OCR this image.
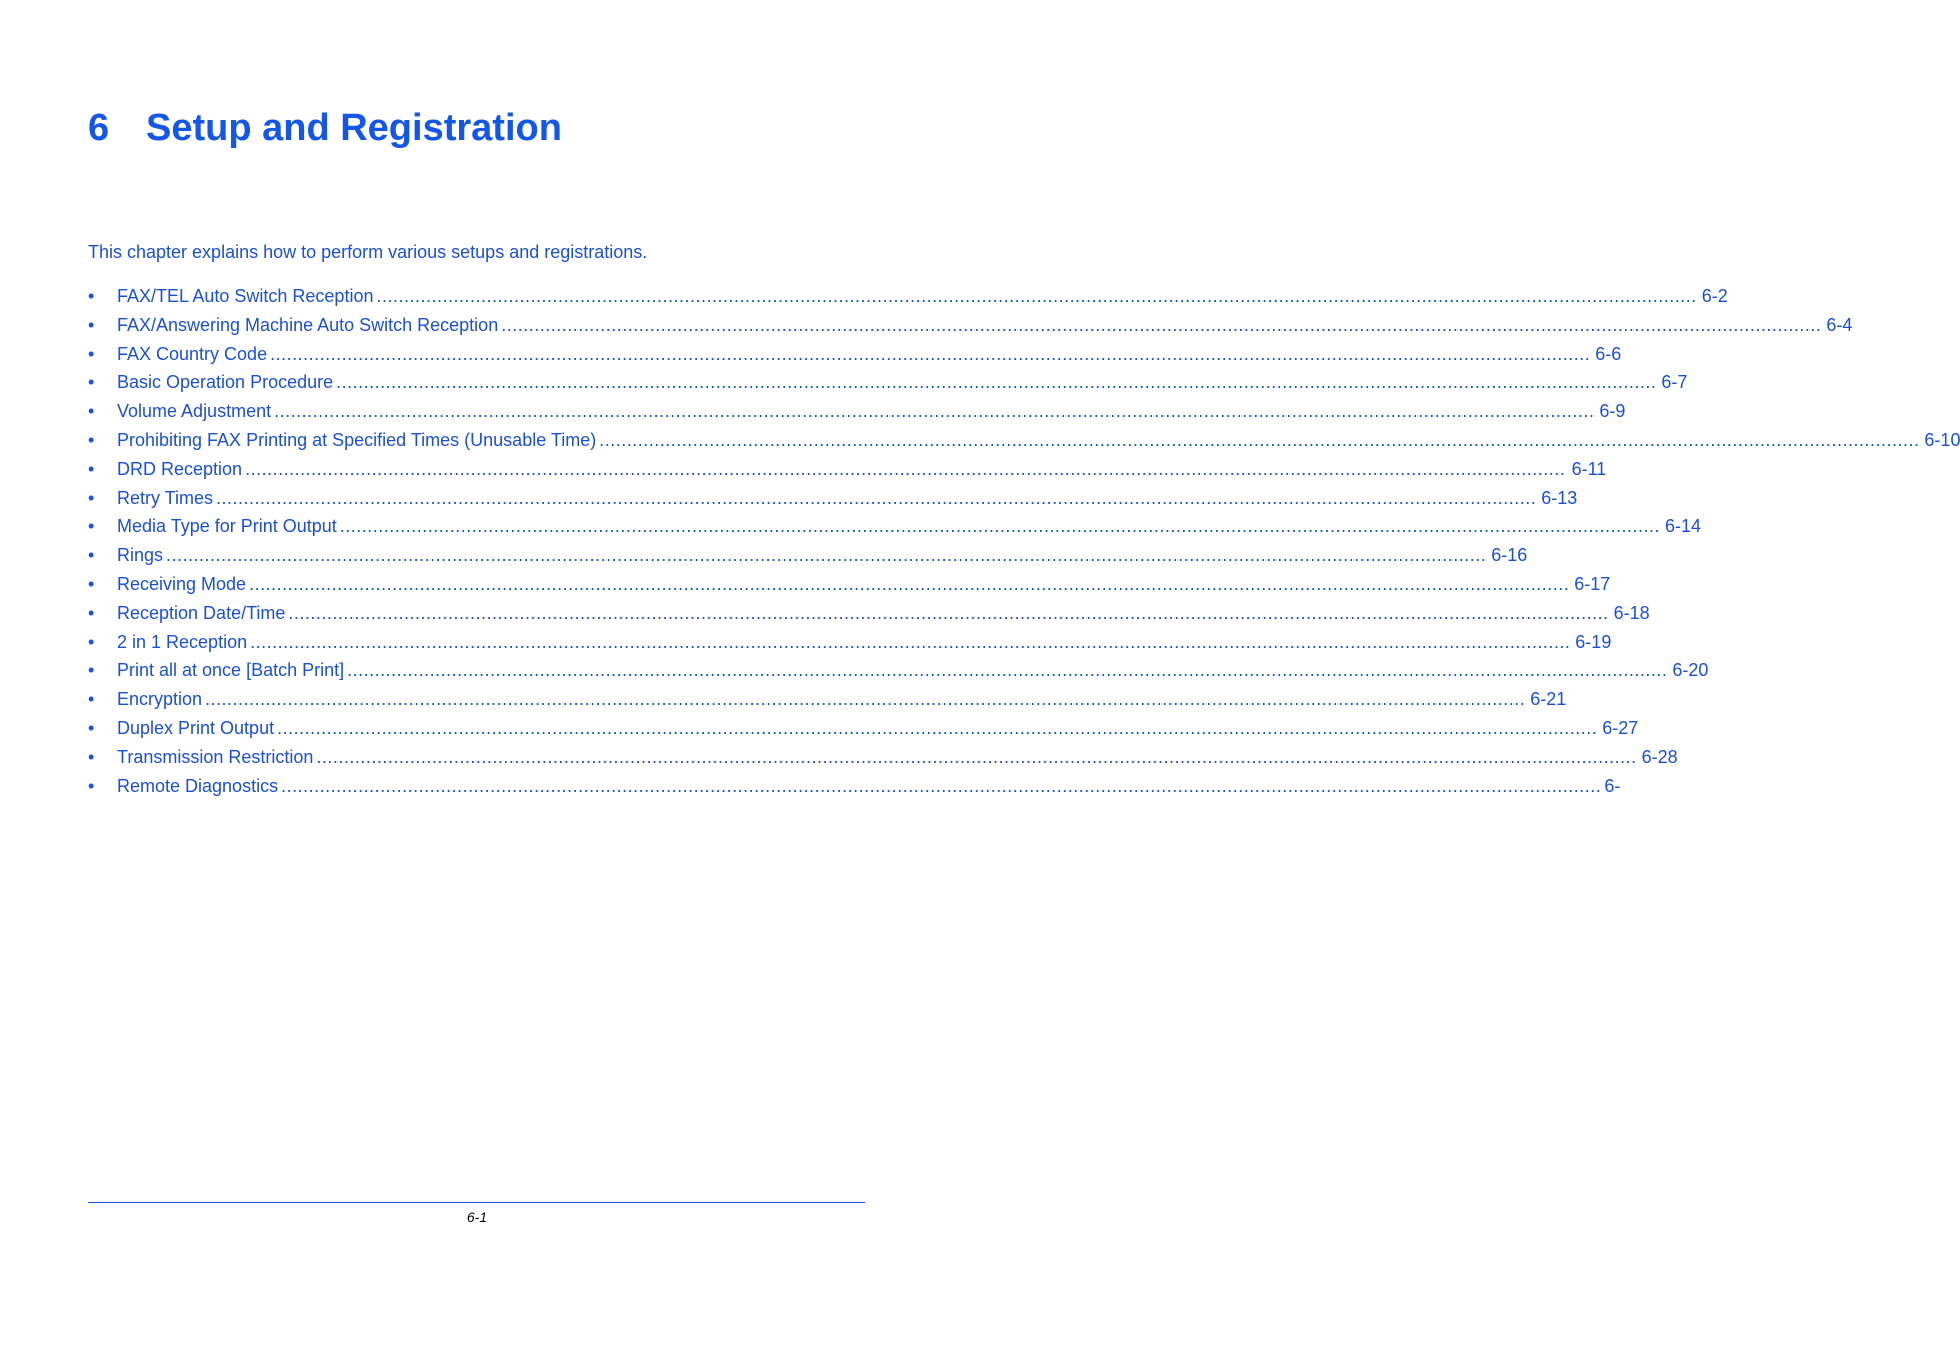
6 Setup and Registration

This chapter explains how to perform various setups and registrations.

•	FAX/TEL Auto Switch Reception ................................................................................................................................................................................................................................................ 6-2
•	FAX/Answering Machine Auto Switch Reception ................................................................................................................................................................................................................................................ 6-4
•	FAX Country Code ................................................................................................................................................................................................................................................ 6-6
•	Basic Operation Procedure ................................................................................................................................................................................................................................................ 6-7
•	Volume Adjustment ................................................................................................................................................................................................................................................ 6-9
•	Prohibiting FAX Printing at Specified Times (Unusable Time) ................................................................................................................................................................................................................................................ 6-10
•	DRD Reception ................................................................................................................................................................................................................................................ 6-11
•	Retry Times ................................................................................................................................................................................................................................................ 6-13
•	Media Type for Print Output ................................................................................................................................................................................................................................................ 6-14
•	Rings ................................................................................................................................................................................................................................................ 6-16
•	Receiving Mode ................................................................................................................................................................................................................................................ 6-17
•	Reception Date/Time ................................................................................................................................................................................................................................................ 6-18
•	2 in 1 Reception ................................................................................................................................................................................................................................................ 6-19
•	Print all at once [Batch Print] ................................................................................................................................................................................................................................................ 6-20
•	Encryption ................................................................................................................................................................................................................................................ 6-21
•	Duplex Print Output ................................................................................................................................................................................................................................................ 6-27
•	Transmission Restriction ................................................................................................................................................................................................................................................ 6-28
•	Remote Diagnostics ................................................................................................................................................................................................................................................ 6-
6-1
